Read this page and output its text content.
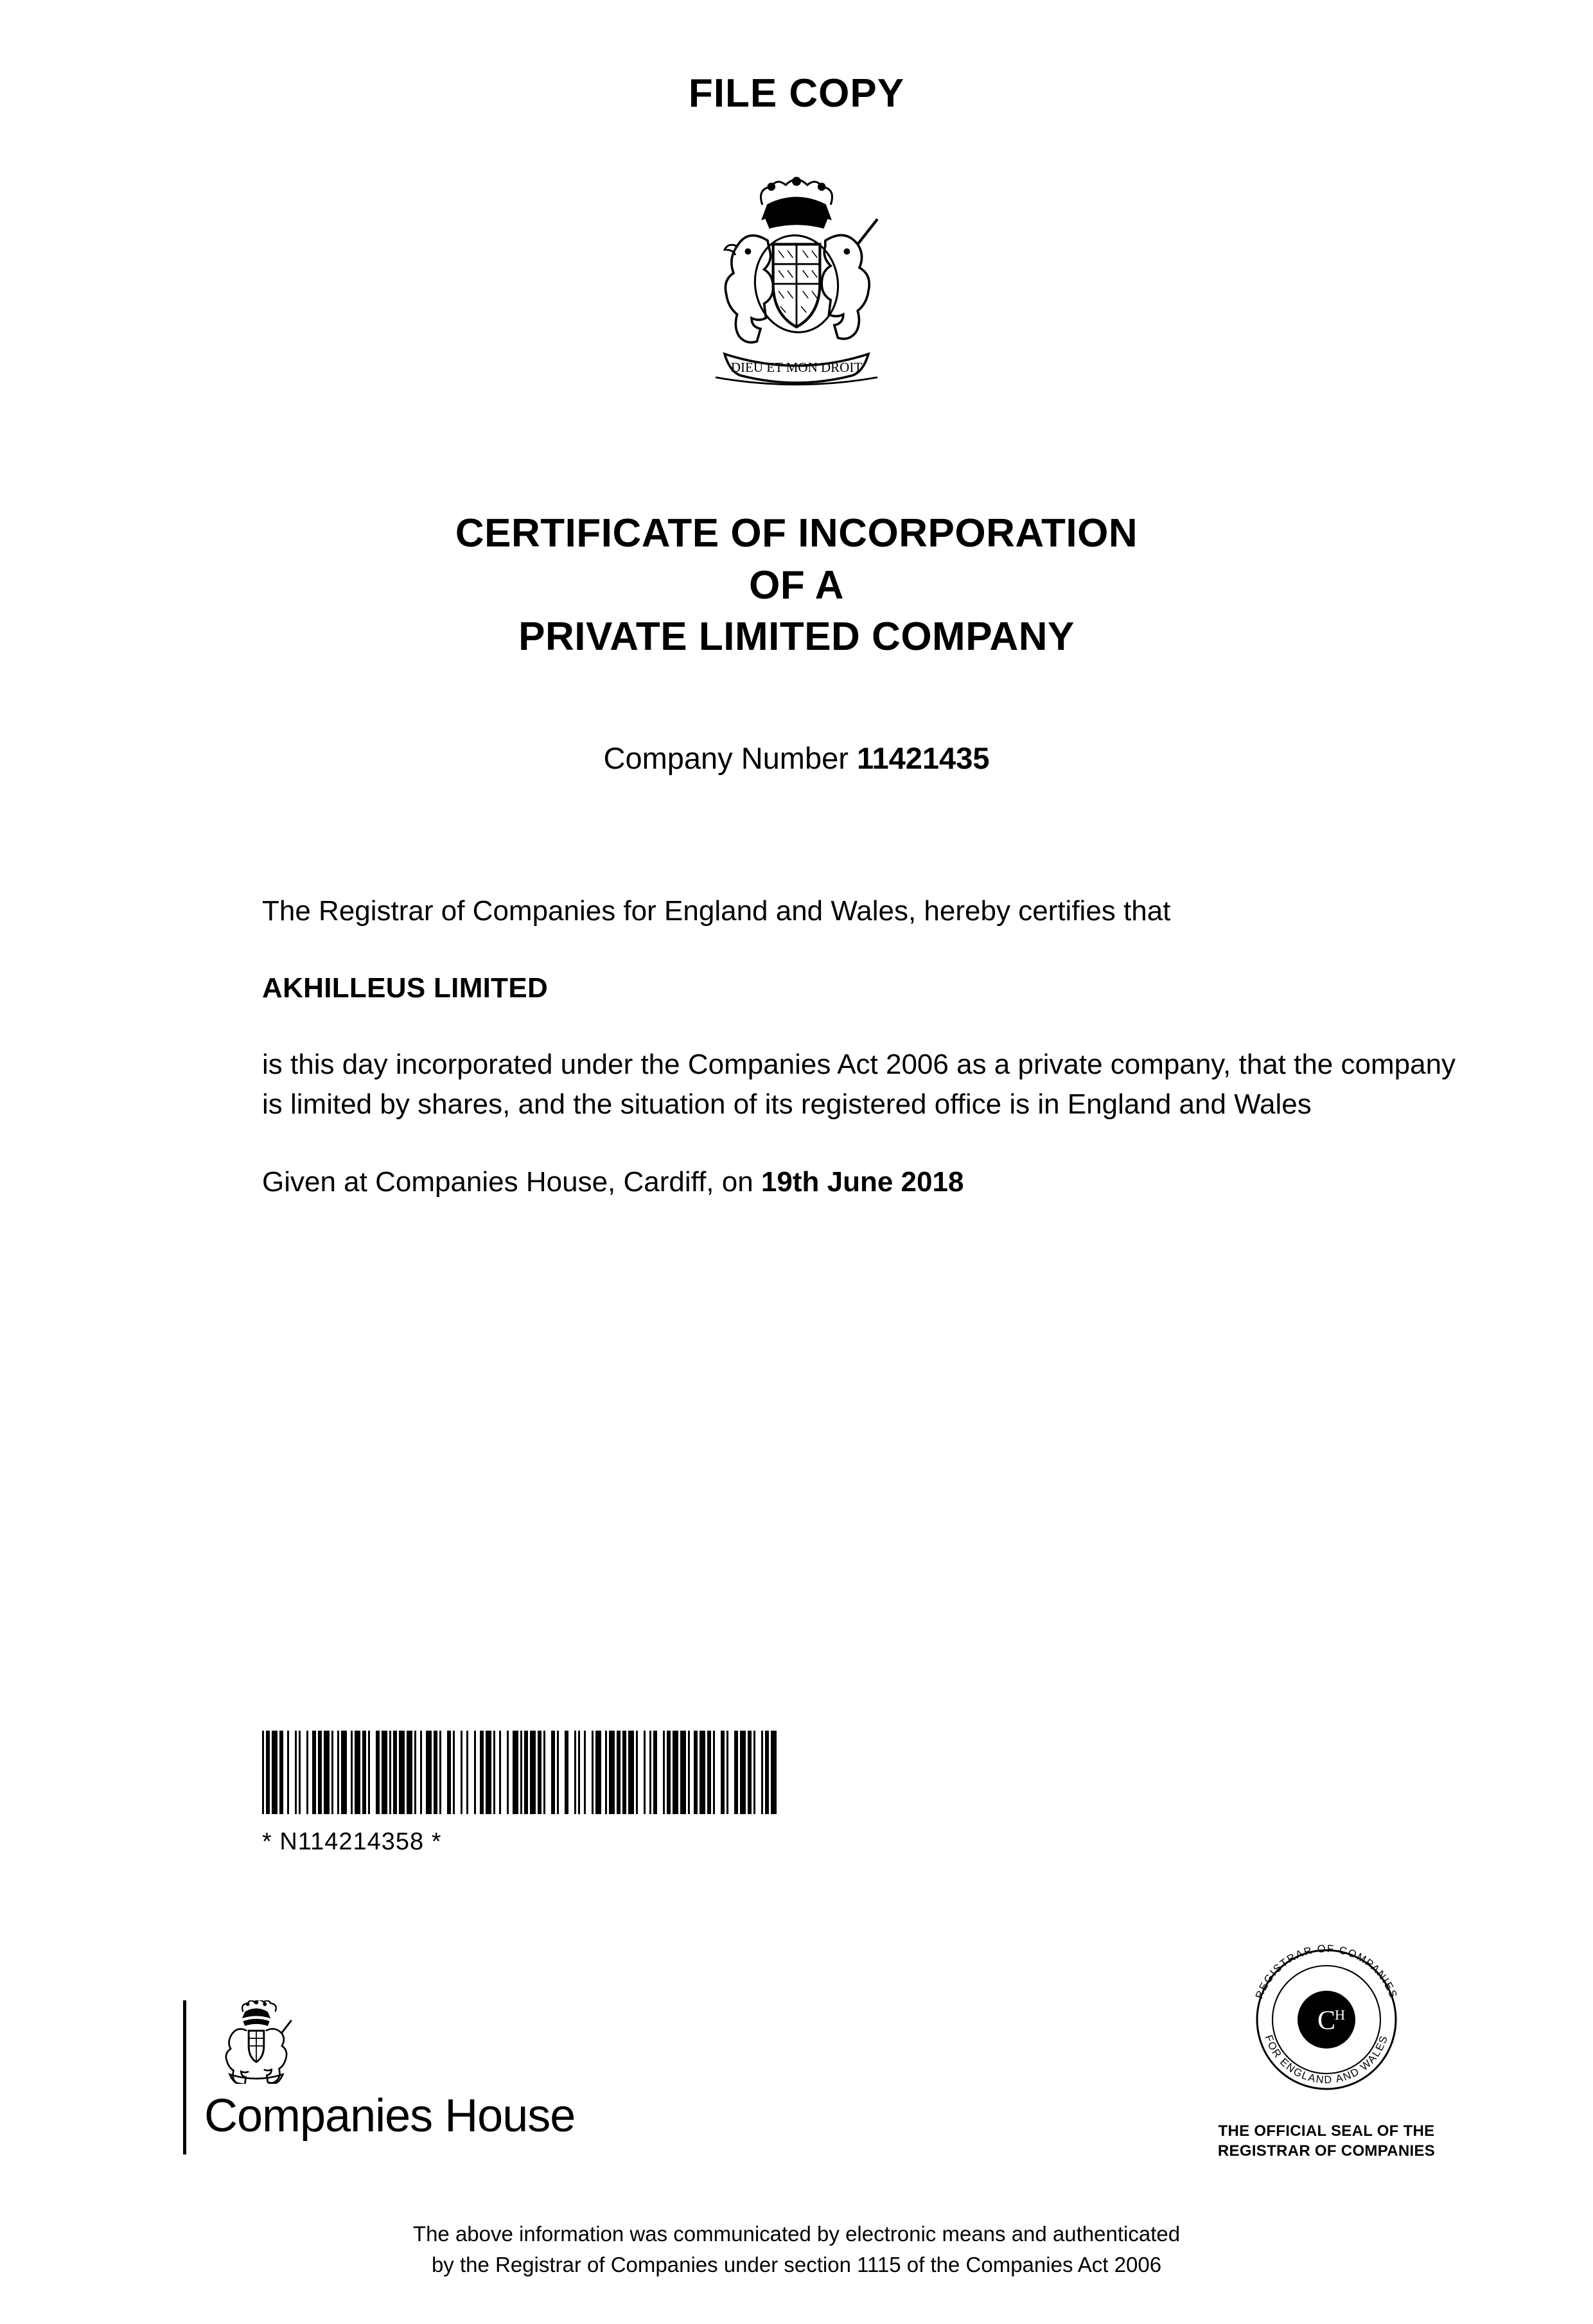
FILE COPY
DIEU ET MON DROIT
CERTIFICATE OF INCORPORATION
OF A
PRIVATE LIMITED COMPANY
Company Number 11421435

The Registrar of Companies for England and Wales, hereby certifies that

AKHILLEUS LIMITED

is this day incorporated under the Companies Act 2006 as a private company, that the company is limited by shares, and the situation of its registered office is in England and Wales

Given at Companies House, Cardiff, on 19th June 2018

* N114214358 *
C
H
REGISTRAR OF COMPANIES
FOR ENGLAND AND WALES
THE OFFICIAL SEAL OF THE
REGISTRAR OF COMPANIES
Companies House
The above information was communicated by electronic means and authenticated
by the Registrar of Companies under section 1115 of the Companies Act 2006
